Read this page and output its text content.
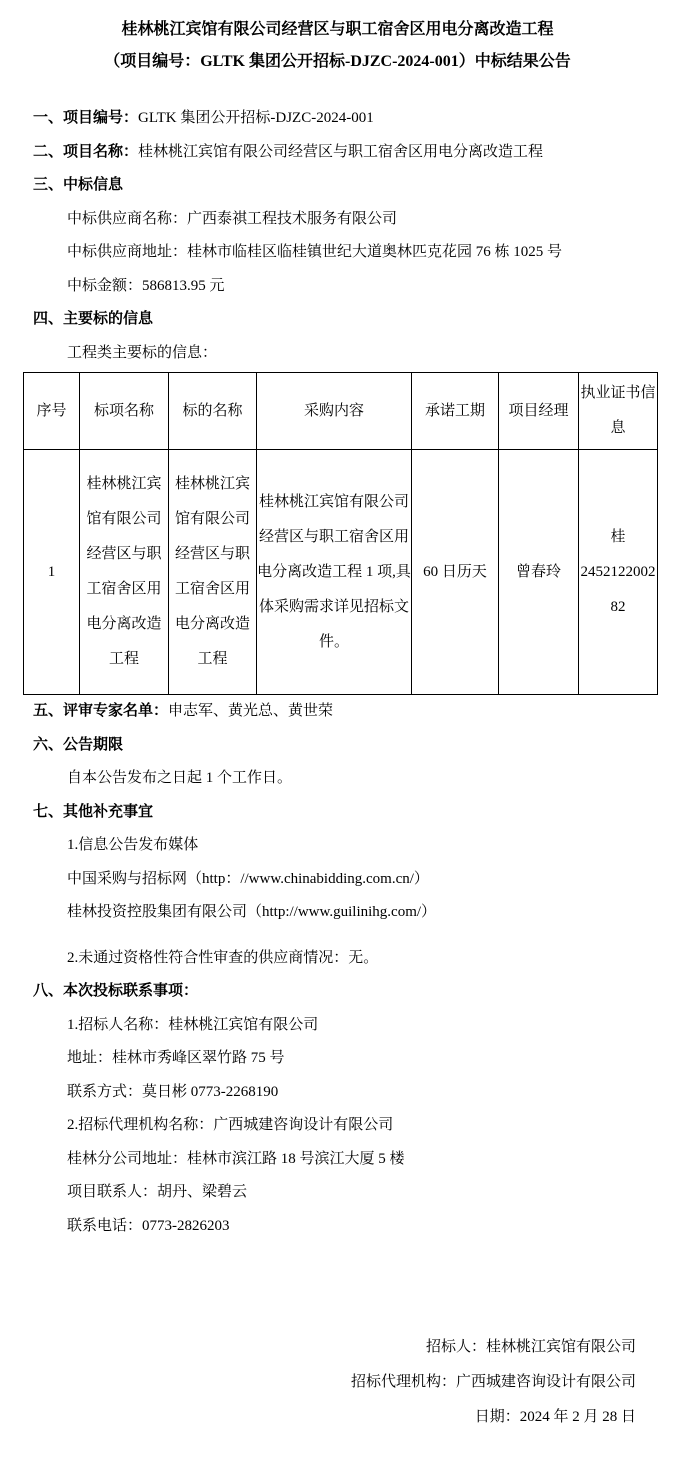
桂林桃江宾馆有限公司经营区与职工宿舍区用电分离改造工程
（项目编号：GLTK 集团公开招标-DJZC-2024-001）中标结果公告
一、项目编号：GLTK 集团公开招标-DJZC-2024-001
二、项目名称：桂林桃江宾馆有限公司经营区与职工宿舍区用电分离改造工程
三、中标信息
中标供应商名称：广西泰祺工程技术服务有限公司
中标供应商地址：桂林市临桂区临桂镇世纪大道奥林匹克花园 76 栋 1025 号
中标金额：586813.95 元
四、主要标的信息
工程类主要标的信息：
序号	标项名称	标的名称	采购内容	承诺工期	项目经理	执业证书信息
1	桂林桃江宾馆有限公司经营区与职工宿舍区用电分离改造工程	桂林桃江宾馆有限公司经营区与职工宿舍区用电分离改造工程	桂林桃江宾馆有限公司经营区与职工宿舍区用电分离改造工程 1 项,具体采购需求详见招标文件。	60 日历天	曾春玲	桂 245212200282
五、评审专家名单：申志军、黄光总、黄世荣
六、公告期限
自本公告发布之日起 1 个工作日。
七、其他补充事宜
1.信息公告发布媒体
中国采购与招标网（http：//www.chinabidding.com.cn/）
桂林投资控股集团有限公司（http://www.guilinihg.com/）
2.未通过资格性符合性审查的供应商情况：无。
八、本次投标联系事项：
1.招标人名称：桂林桃江宾馆有限公司
地址：桂林市秀峰区翠竹路 75 号
联系方式：莫日彬 0773-2268190
2.招标代理机构名称：广西城建咨询设计有限公司
桂林分公司地址：桂林市滨江路 18 号滨江大厦 5 楼
项目联系人：胡丹、梁碧云
联系电话：0773-2826203
招标人：桂林桃江宾馆有限公司
招标代理机构：广西城建咨询设计有限公司
日期：2024 年 2 月 28 日
